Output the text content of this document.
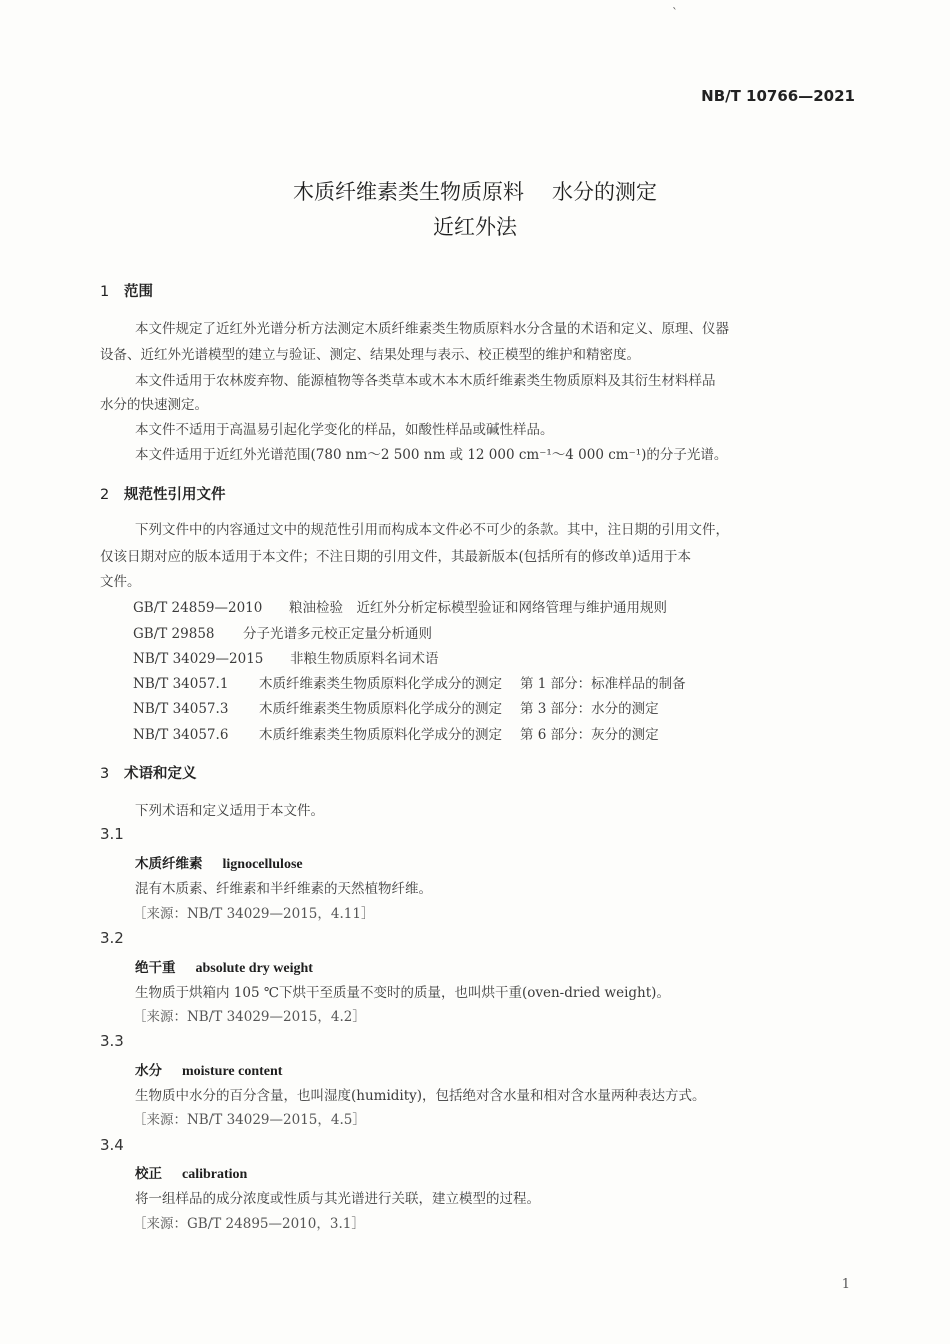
ˋ
NB/T 10766—2021
木质纤维素类生物质原料 水分的测定
近红外法
1 范围
本文件规定了近红外光谱分析方法测定木质纤维素类生物质原料水分含量的术语和定义、原理、仪器
设备、近红外光谱模型的建立与验证、测定、结果处理与表示、校正模型的维护和精密度。
本文件适用于农林废弃物、能源植物等各类草本或木本木质纤维素类生物质原料及其衍生材料样品
水分的快速测定。
本文件不适用于高温易引起化学变化的样品，如酸性样品或碱性样品。
本文件适用于近红外光谱范围(780 nm～2 500 nm 或 12 000 cm⁻¹～4 000 cm⁻¹)的分子光谱。
2 规范性引用文件
下列文件中的内容通过文中的规范性引用而构成本文件必不可少的条款。其中，注日期的引用文件，
仅该日期对应的版本适用于本文件；不注日期的引用文件，其最新版本(包括所有的修改单)适用于本
文件。
GB/T 24859—2010 粮油检验　近红外分析定标模型验证和网络管理与维护通用规则
GB/T 29858 分子光谱多元校正定量分析通则
NB/T 34029—2015 非粮生物质原料名词术语
NB/T 34057.1 木质纤维素类生物质原料化学成分的测定 第 1 部分：标准样品的制备
NB/T 34057.3 木质纤维素类生物质原料化学成分的测定 第 3 部分：水分的测定
NB/T 34057.6 木质纤维素类生物质原料化学成分的测定 第 6 部分：灰分的测定
3 术语和定义
下列术语和定义适用于本文件。
3.1
木质纤维素 lignocellulose
混有木质素、纤维素和半纤维素的天然植物纤维。
［来源：NB/T 34029—2015，4.11］
3.2
绝干重 absolute dry weight
生物质于烘箱内 105 ℃下烘干至质量不变时的质量，也叫烘干重(oven-dried weight)。
［来源：NB/T 34029—2015，4.2］
3.3
水分 moisture content
生物质中水分的百分含量，也叫湿度(humidity)，包括绝对含水量和相对含水量两种表达方式。
［来源：NB/T 34029—2015，4.5］
3.4
校正 calibration
将一组样品的成分浓度或性质与其光谱进行关联，建立模型的过程。
［来源：GB/T 24895—2010，3.1］
1
